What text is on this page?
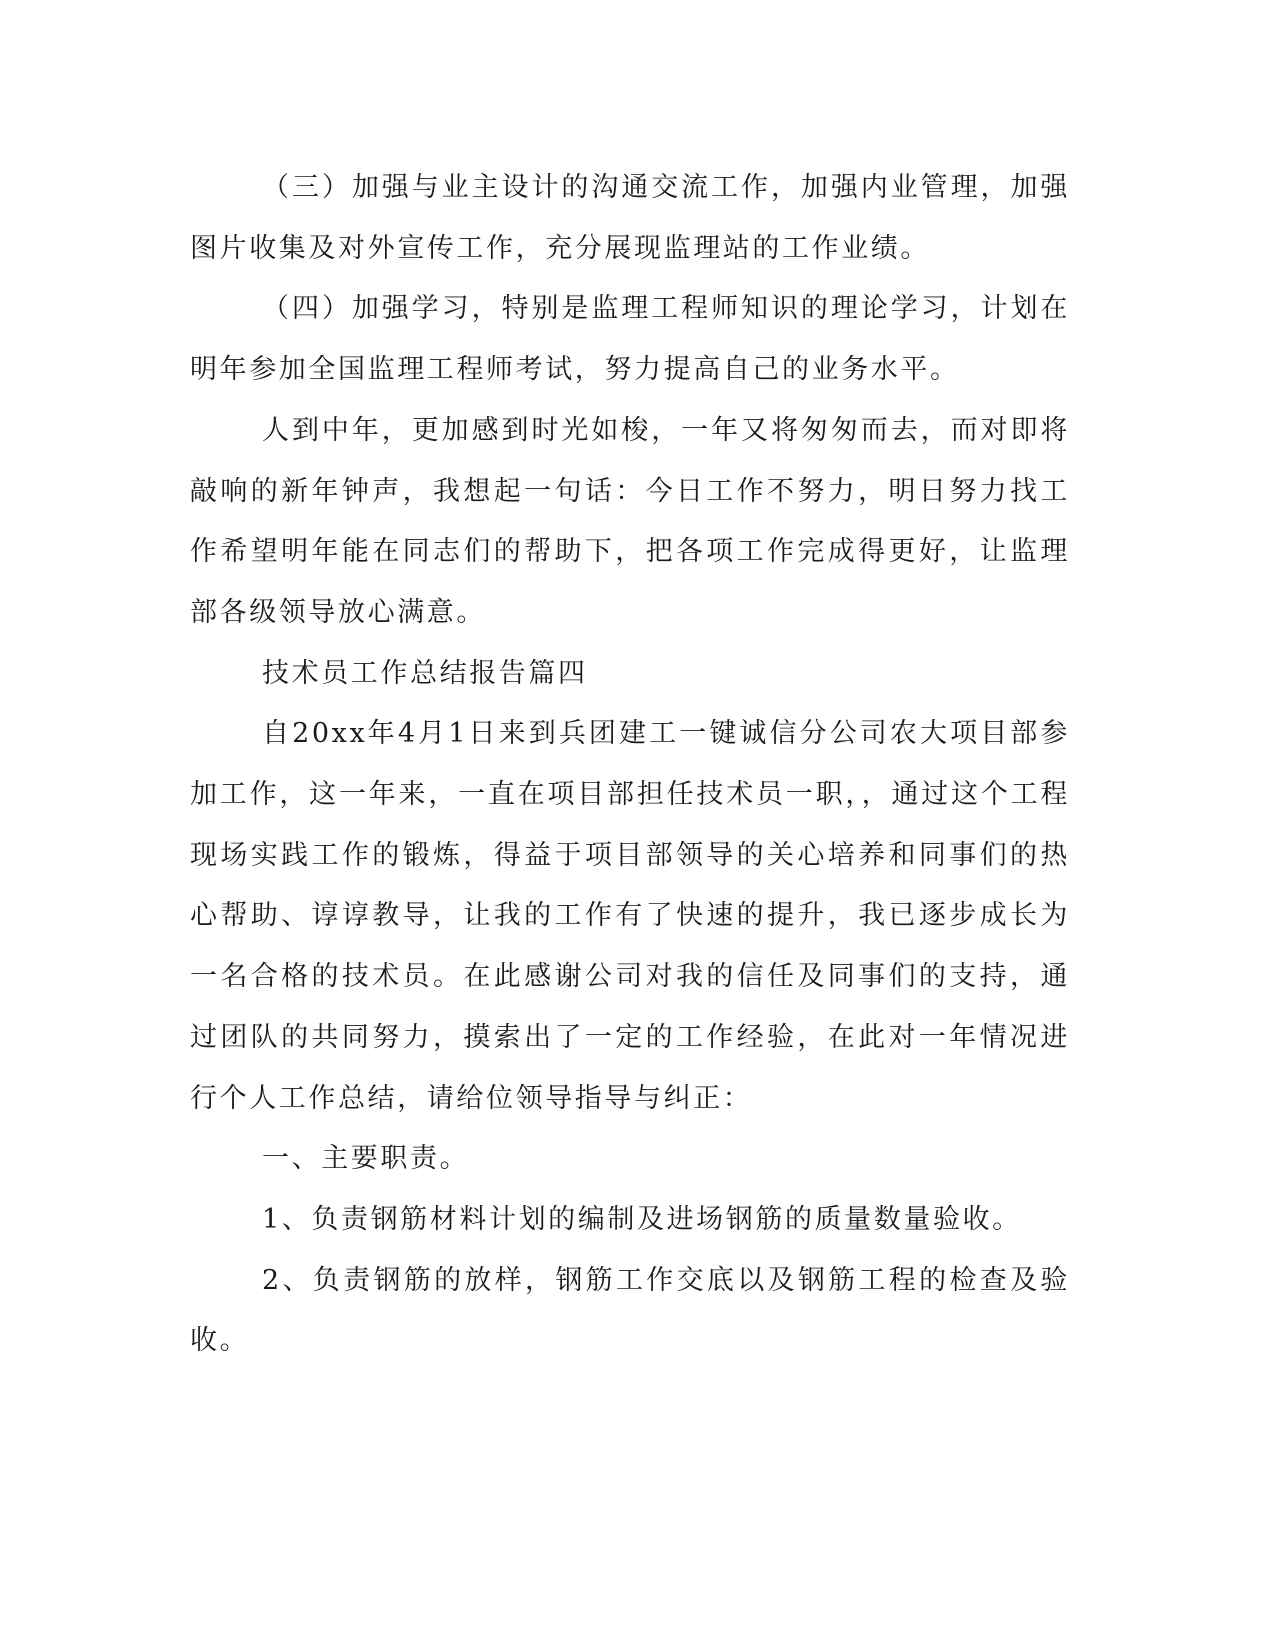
（三）加强与业主设计的沟通交流工作，加强内业管理，加强图片收集及对外宣传工作，充分展现监理站的工作业绩。

（四）加强学习，特别是监理工程师知识的理论学习，计划在明年参加全国监理工程师考试，努力提高自己的业务水平。

人到中年，更加感到时光如梭，一年又将匆匆而去，而对即将敲响的新年钟声，我想起一句话：今日工作不努力，明日努力找工作希望明年能在同志们的帮助下，把各项工作完成得更好，让监理部各级领导放心满意。

技术员工作总结报告篇四

自20xx年4月1日来到兵团建工一键诚信分公司农大项目部参加工作，这一年来，一直在项目部担任技术员一职，，通过这个工程现场实践工作的锻炼，得益于项目部领导的关心培养和同事们的热心帮助、谆谆教导，让我的工作有了快速的提升，我已逐步成长为一名合格的技术员。在此感谢公司对我的信任及同事们的支持，通过团队的共同努力，摸索出了一定的工作经验，在此对一年情况进行个人工作总结，请给位领导指导与纠正：

一、主要职责。

1、负责钢筋材料计划的编制及进场钢筋的质量数量验收。

2、负责钢筋的放样，钢筋工作交底以及钢筋工程的检查及验收。
